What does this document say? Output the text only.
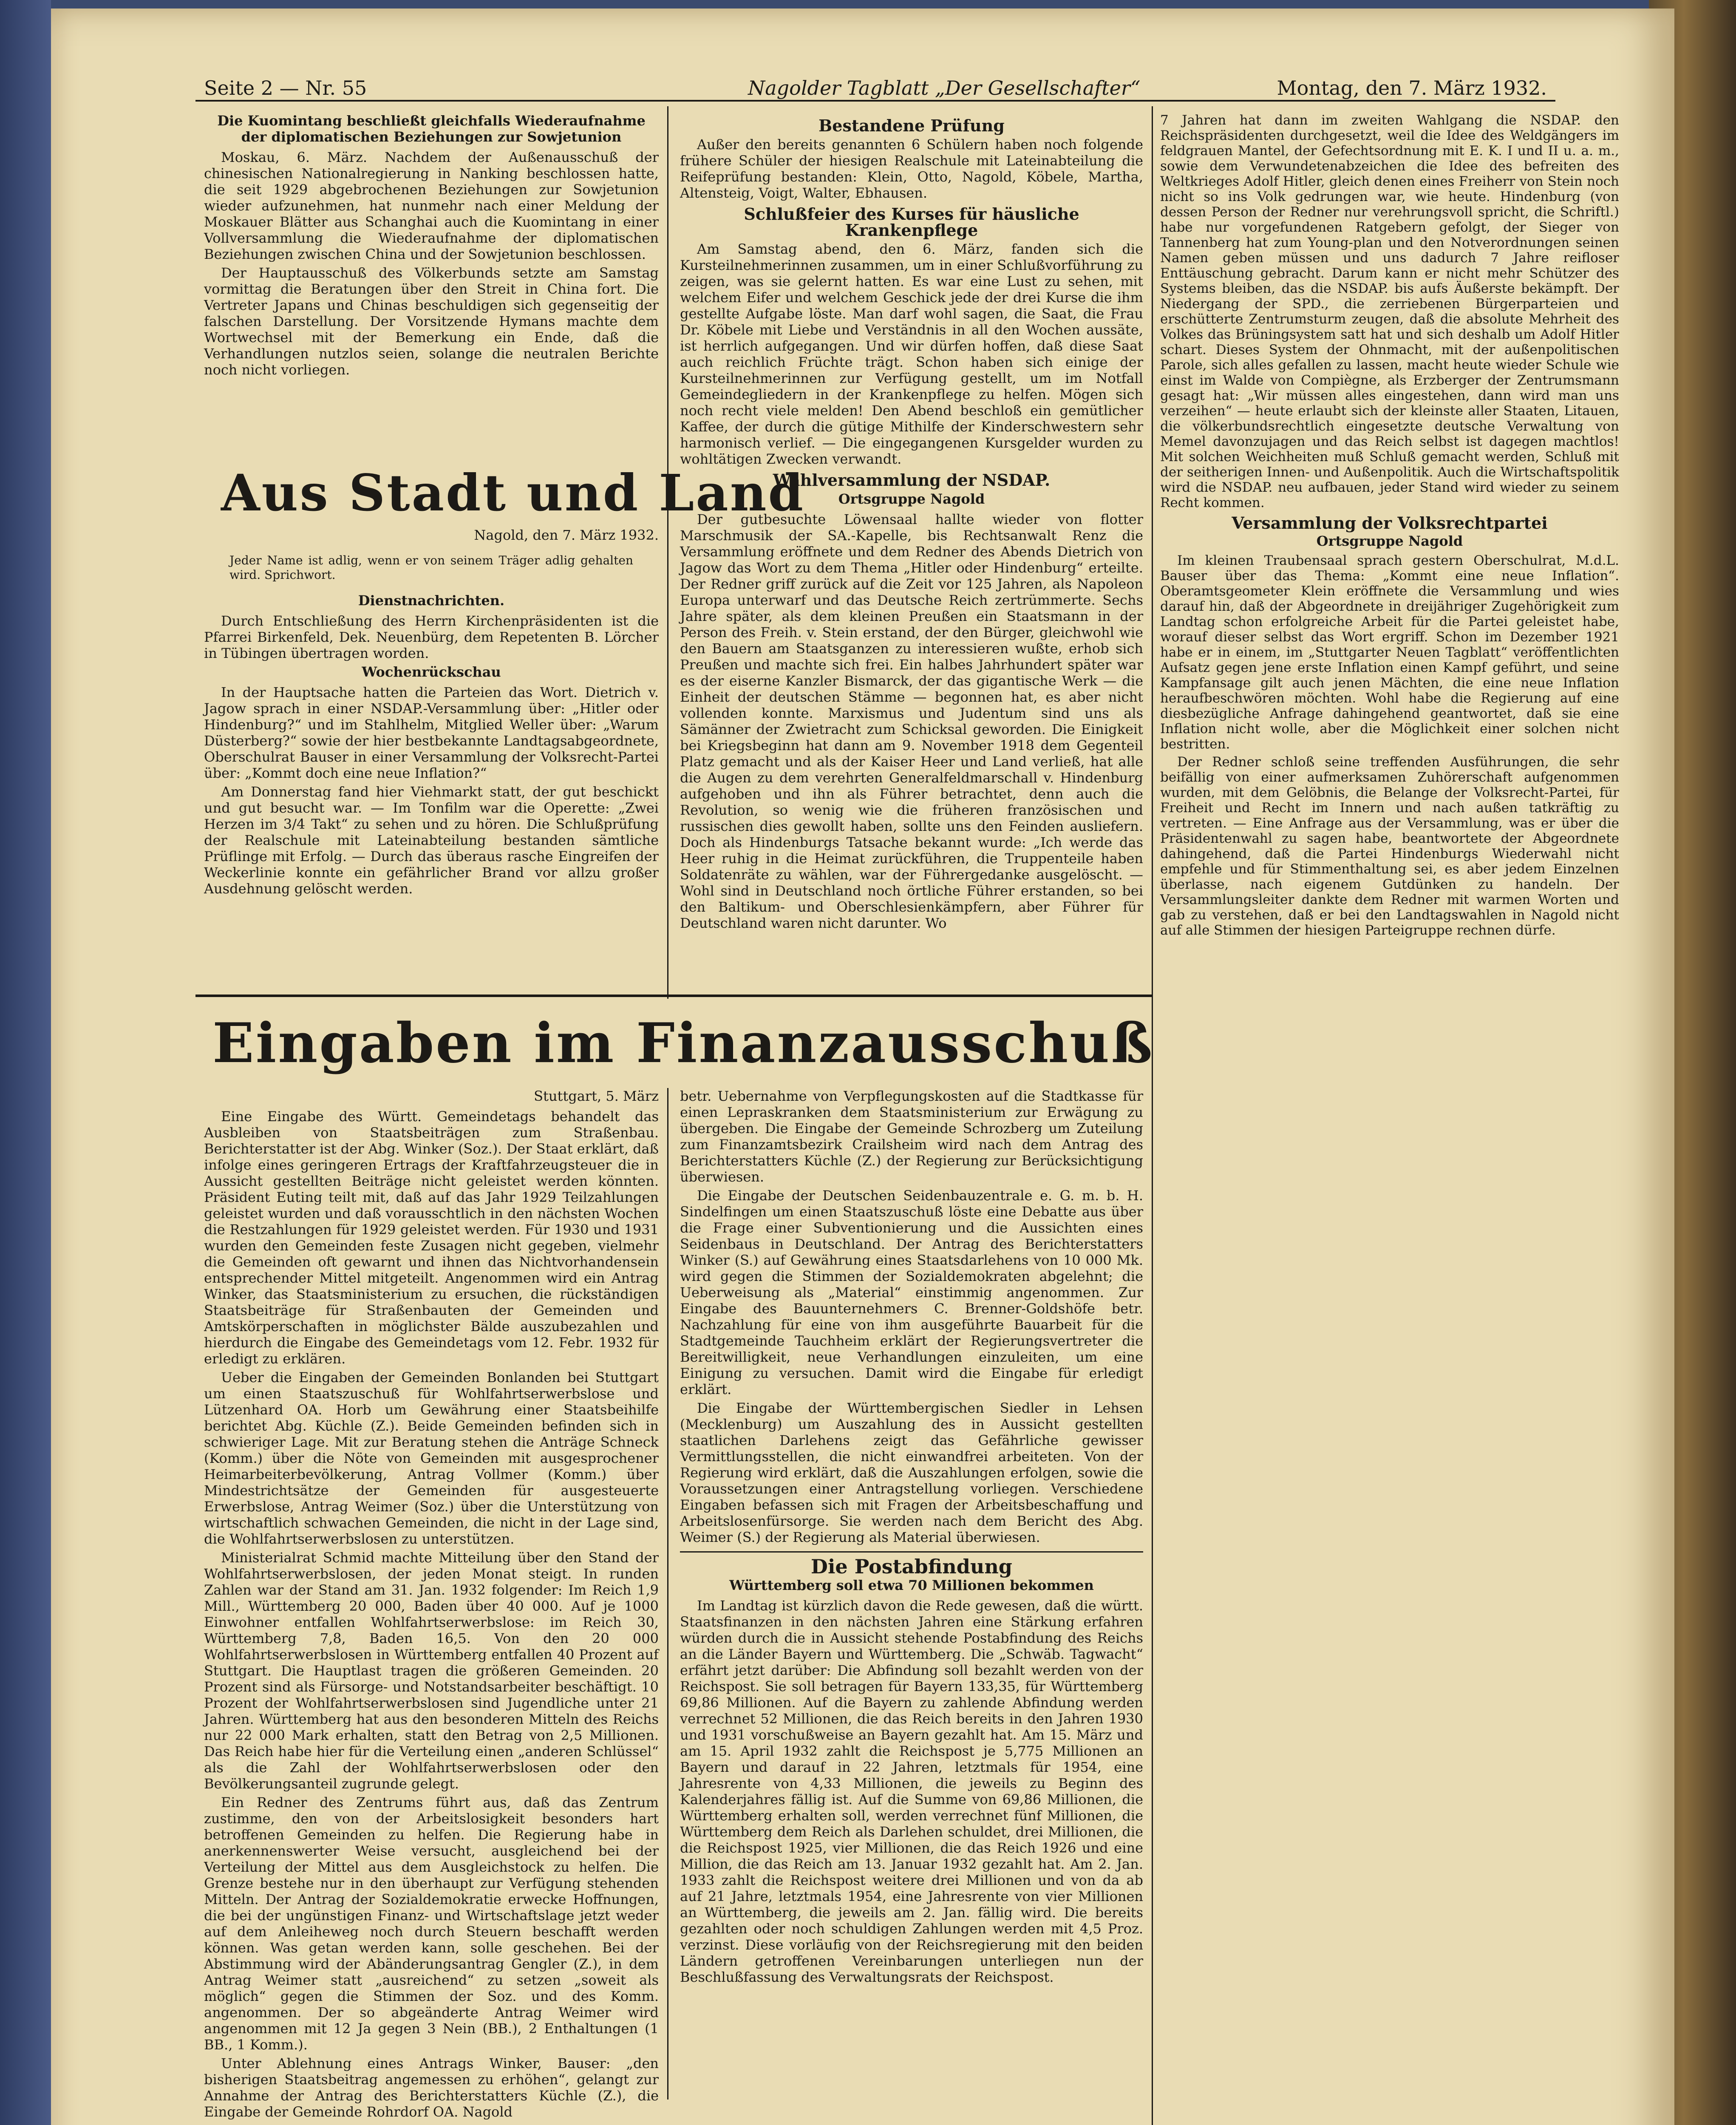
Seite 2 — Nr. 55	Nagolder Tagblatt „Der Gesellschafter“	Montag, den 7. März 1932.
Die Kuomintang beschließt gleichfalls Wiederaufnahme der diplomatischen Beziehungen zur Sowjetunion

Moskau, 6. März. Nachdem der Außenausschuß der chinesischen Nationalregierung in Nanking beschlossen hatte, die seit 1929 abgebrochenen Beziehungen zur Sowjetunion wieder aufzunehmen, hat nunmehr nach einer Meldung der Moskauer Blätter aus Schanghai auch die Kuomintang in einer Vollversammlung die Wiederaufnahme der diplomatischen Beziehungen zwischen China und der Sowjetunion beschlossen.

Der Hauptausschuß des Völkerbunds setzte am Samstag vormittag die Beratungen über den Streit in China fort. Die Vertreter Japans und Chinas beschuldigen sich gegenseitig der falschen Darstellung. Der Vorsitzende Hymans machte dem Wortwechsel mit der Bemerkung ein Ende, daß die Verhandlungen nutzlos seien, solange die neutralen Berichte noch nicht vorliegen.

Aus Stadt und Land
Nagold, den 7. März 1932.
Jeder Name ist adlig, wenn er von seinem Träger adlig gehalten wird. Sprichwort.
Dienstnachrichten.

Durch Entschließung des Herrn Kirchenpräsidenten ist die Pfarrei Birkenfeld, Dek. Neuenbürg, dem Repetenten B. Lörcher in Tübingen übertragen worden.

Wochenrückschau

In der Hauptsache hatten die Parteien das Wort. Dietrich v. Jagow sprach in einer NSDAP.-Versammlung über: „Hitler oder Hindenburg?“ und im Stahlhelm, Mitglied Weller über: „Warum Düsterberg?“ sowie der hier bestbekannte Landtagsabgeordnete, Oberschulrat Bauser in einer Versammlung der Volksrecht-Partei über: „Kommt doch eine neue Inflation?“

Am Donnerstag fand hier Viehmarkt statt, der gut beschickt und gut besucht war. — Im Tonfilm war die Operette: „Zwei Herzen im 3/4 Takt“ zu sehen und zu hören. Die Schlußprüfung der Realschule mit Lateinabteilung bestanden sämtliche Prüflinge mit Erfolg. — Durch das überaus rasche Eingreifen der Weckerlinie konnte ein gefährlicher Brand vor allzu großer Ausdehnung gelöscht werden.

Bestandene Prüfung

Außer den bereits genannten 6 Schülern haben noch folgende frühere Schüler der hiesigen Realschule mit Lateinabteilung die Reifeprüfung bestanden: Klein, Otto, Nagold, Köbele, Martha, Altensteig, Voigt, Walter, Ebhausen.

Schlußfeier des Kurses für häusliche Krankenpflege

Am Samstag abend, den 6. März, fanden sich die Kursteilnehmerinnen zusammen, um in einer Schlußvorführung zu zeigen, was sie gelernt hatten. Es war eine Lust zu sehen, mit welchem Eifer und welchem Geschick jede der drei Kurse die ihm gestellte Aufgabe löste. Man darf wohl sagen, die Saat, die Frau Dr. Köbele mit Liebe und Verständnis in all den Wochen aussäte, ist herrlich aufgegangen. Und wir dürfen hoffen, daß diese Saat auch reichlich Früchte trägt. Schon haben sich einige der Kursteilnehmerinnen zur Verfügung gestellt, um im Notfall Gemeindegliedern in der Krankenpflege zu helfen. Mögen sich noch recht viele melden! Den Abend beschloß ein gemütlicher Kaffee, der durch die gütige Mithilfe der Kinderschwestern sehr harmonisch verlief. — Die eingegangenen Kursgelder wurden zu wohltätigen Zwecken verwandt.

Wahlversammlung der NSDAP.
Ortsgruppe Nagold

Der gutbesuchte Löwensaal hallte wieder von flotter Marschmusik der SA.-Kapelle, bis Rechtsanwalt Renz die Versammlung eröffnete und dem Redner des Abends Dietrich von Jagow das Wort zu dem Thema „Hitler oder Hindenburg“ erteilte. Der Redner griff zurück auf die Zeit vor 125 Jahren, als Napoleon Europa unterwarf und das Deutsche Reich zertrümmerte. Sechs Jahre später, als dem kleinen Preußen ein Staatsmann in der Person des Freih. v. Stein erstand, der den Bürger, gleichwohl wie den Bauern am Staatsganzen zu interessieren wußte, erhob sich Preußen und machte sich frei. Ein halbes Jahrhundert später war es der eiserne Kanzler Bismarck, der das gigantische Werk — die Einheit der deutschen Stämme — begonnen hat, es aber nicht vollenden konnte. Marxismus und Judentum sind uns als Sämänner der Zwietracht zum Schicksal geworden. Die Einigkeit bei Kriegsbeginn hat dann am 9. November 1918 dem Gegenteil Platz gemacht und als der Kaiser Heer und Land verließ, hat alle die Augen zu dem verehrten Generalfeldmarschall v. Hindenburg aufgehoben und ihn als Führer betrachtet, denn auch die Revolution, so wenig wie die früheren französischen und russischen dies gewollt haben, sollte uns den Feinden ausliefern. Doch als Hindenburgs Tatsache bekannt wurde: „Ich werde das Heer ruhig in die Heimat zurückführen, die Truppenteile haben Soldatenräte zu wählen, war der Führergedanke ausgelöscht. — Wohl sind in Deutschland noch örtliche Führer erstanden, so bei den Baltikum- und Oberschlesienkämpfern, aber Führer für Deutschland waren nicht darunter. Wo

7 Jahren hat dann im zweiten Wahlgang die NSDAP. den Reichspräsidenten durchgesetzt, weil die Idee des Weldgängers im feldgrauen Mantel, der Gefechtsordnung mit E. K. I und II u. a. m., sowie dem Verwundetenabzeichen die Idee des befreiten des Weltkrieges Adolf Hitler, gleich denen eines Freiherr von Stein noch nicht so ins Volk gedrungen war, wie heute. Hindenburg (von dessen Person der Redner nur verehrungsvoll spricht, die Schriftl.) habe nur vorgefundenen Ratgebern gefolgt, der Sieger von Tannenberg hat zum Young-plan und den Notverordnungen seinen Namen geben müssen und uns dadurch 7 Jahre reifloser Enttäuschung gebracht. Darum kann er nicht mehr Schützer des Systems bleiben, das die NSDAP. bis aufs Äußerste bekämpft. Der Niedergang der SPD., die zerriebenen Bürgerparteien und erschütterte Zentrumsturm zeugen, daß die absolute Mehrheit des Volkes das Brüningsystem satt hat und sich deshalb um Adolf Hitler schart. Dieses System der Ohnmacht, mit der außenpolitischen Parole, sich alles gefallen zu lassen, macht heute wieder Schule wie einst im Walde von Compiègne, als Erzberger der Zentrumsmann gesagt hat: „Wir müssen alles eingestehen, dann wird man uns verzeihen“ — heute erlaubt sich der kleinste aller Staaten, Litauen, die völkerbundsrechtlich eingesetzte deutsche Verwaltung von Memel davonzujagen und das Reich selbst ist dagegen machtlos! Mit solchen Weichheiten muß Schluß gemacht werden, Schluß mit der seitherigen Innen- und Außenpolitik. Auch die Wirtschaftspolitik wird die NSDAP. neu aufbauen, jeder Stand wird wieder zu seinem Recht kommen.

Versammlung der Volksrechtpartei
Ortsgruppe Nagold

Im kleinen Traubensaal sprach gestern Oberschulrat, M.d.L. Bauser über das Thema: „Kommt eine neue Inflation“. Oberamtsgeometer Klein eröffnete die Versammlung und wies darauf hin, daß der Abgeordnete in dreijähriger Zugehörigkeit zum Landtag schon erfolgreiche Arbeit für die Partei geleistet habe, worauf dieser selbst das Wort ergriff. Schon im Dezember 1921 habe er in einem, im „Stuttgarter Neuen Tagblatt“ veröffentlichten Aufsatz gegen jene erste Inflation einen Kampf geführt, und seine Kampfansage gilt auch jenen Mächten, die eine neue Inflation heraufbeschwören möchten. Wohl habe die Regierung auf eine diesbezügliche Anfrage dahingehend geantwortet, daß sie eine Inflation nicht wolle, aber die Möglichkeit einer solchen nicht bestritten.

Der Redner schloß seine treffenden Ausführungen, die sehr beifällig von einer aufmerksamen Zuhörerschaft aufgenommen wurden, mit dem Gelöbnis, die Belange der Volksrecht-Partei, für Freiheit und Recht im Innern und nach außen tatkräftig zu vertreten. — Eine Anfrage aus der Versammlung, was er über die Präsidentenwahl zu sagen habe, beantwortete der Abgeordnete dahingehend, daß die Partei Hindenburgs Wiederwahl nicht empfehle und für Stimmenthaltung sei, es aber jedem Einzelnen überlasse, nach eigenem Gutdünken zu handeln. Der Versammlungsleiter dankte dem Redner mit warmen Worten und gab zu verstehen, daß er bei den Landtagswahlen in Nagold nicht auf alle Stimmen der hiesigen Parteigruppe rechnen dürfe.

Eingaben im Finanzausschuß
Stuttgart, 5. März

Eine Eingabe des Württ. Gemeindetags behandelt das Ausbleiben von Staatsbeiträgen zum Straßenbau. Berichterstatter ist der Abg. Winker (Soz.). Der Staat erklärt, daß infolge eines geringeren Ertrags der Kraftfahrzeugsteuer die in Aussicht gestellten Beiträge nicht geleistet werden könnten. Präsident Euting teilt mit, daß auf das Jahr 1929 Teilzahlungen geleistet wurden und daß vorausschtlich in den nächsten Wochen die Restzahlungen für 1929 geleistet werden. Für 1930 und 1931 wurden den Gemeinden feste Zusagen nicht gegeben, vielmehr die Gemeinden oft gewarnt und ihnen das Nichtvorhandensein entsprechender Mittel mitgeteilt. Angenommen wird ein Antrag Winker, das Staatsministerium zu ersuchen, die rückständigen Staatsbeiträge für Straßenbauten der Gemeinden und Amtskörperschaften in möglichster Bälde auszubezahlen und hierdurch die Eingabe des Gemeindetags vom 12. Febr. 1932 für erledigt zu erklären.

Ueber die Eingaben der Gemeinden Bonlanden bei Stuttgart um einen Staatszuschuß für Wohlfahrtserwerbslose und Lützenhard OA. Horb um Gewährung einer Staatsbeihilfe berichtet Abg. Küchle (Z.). Beide Gemeinden befinden sich in schwieriger Lage. Mit zur Beratung stehen die Anträge Schneck (Komm.) über die Nöte von Gemeinden mit ausgesprochener Heimarbeiterbevölkerung, Antrag Vollmer (Komm.) über Mindestrichtsätze der Gemeinden für ausgesteuerte Erwerbslose, Antrag Weimer (Soz.) über die Unterstützung von wirtschaftlich schwachen Gemeinden, die nicht in der Lage sind, die Wohlfahrtserwerbslosen zu unterstützen.

Ministerialrat Schmid machte Mitteilung über den Stand der Wohlfahrtserwerbslosen, der jeden Monat steigt. In runden Zahlen war der Stand am 31. Jan. 1932 folgender: Im Reich 1,9 Mill., Württemberg 20 000, Baden über 40 000. Auf je 1000 Einwohner entfallen Wohlfahrtserwerbslose: im Reich 30, Württemberg 7,8, Baden 16,5. Von den 20 000 Wohlfahrtserwerbslosen in Württemberg entfallen 40 Prozent auf Stuttgart. Die Hauptlast tragen die größeren Gemeinden. 20 Prozent sind als Fürsorge- und Notstandsarbeiter beschäftigt. 10 Prozent der Wohlfahrtserwerbslosen sind Jugendliche unter 21 Jahren. Württemberg hat aus den besonderen Mitteln des Reichs nur 22 000 Mark erhalten, statt den Betrag von 2,5 Millionen. Das Reich habe hier für die Verteilung einen „anderen Schlüssel“ als die Zahl der Wohlfahrtserwerbslosen oder den Bevölkerungsanteil zugrunde gelegt.

Ein Redner des Zentrums führt aus, daß das Zentrum zustimme, den von der Arbeitslosigkeit besonders hart betroffenen Gemeinden zu helfen. Die Regierung habe in anerkennenswerter Weise versucht, ausgleichend bei der Verteilung der Mittel aus dem Ausgleichstock zu helfen. Die Grenze bestehe nur in den überhaupt zur Verfügung stehenden Mitteln. Der Antrag der Sozialdemokratie erwecke Hoffnungen, die bei der ungünstigen Finanz- und Wirtschaftslage jetzt weder auf dem Anleiheweg noch durch Steuern beschafft werden können. Was getan werden kann, solle geschehen. Bei der Abstimmung wird der Abänderungsantrag Gengler (Z.), in dem Antrag Weimer statt „ausreichend“ zu setzen „soweit als möglich“ gegen die Stimmen der Soz. und des Komm. angenommen. Der so abgeänderte Antrag Weimer wird angenommen mit 12 Ja gegen 3 Nein (BB.), 2 Enthaltungen (1 BB., 1 Komm.).

Unter Ablehnung eines Antrags Winker, Bauser: „den bisherigen Staatsbeitrag angemessen zu erhöhen“, gelangt zur Annahme der Antrag des Berichterstatters Küchle (Z.), die Eingabe der Gemeinde Rohrdorf OA. Nagold

betr. Uebernahme von Verpflegungskosten auf die Stadtkasse für einen Lepraskranken dem Staatsministerium zur Erwägung zu übergeben. Die Eingabe der Gemeinde Schrozberg um Zuteilung zum Finanzamtsbezirk Crailsheim wird nach dem Antrag des Berichterstatters Küchle (Z.) der Regierung zur Berücksichtigung überwiesen.

Die Eingabe der Deutschen Seidenbauzentrale e. G. m. b. H. Sindelfingen um einen Staatszuschuß löste eine Debatte aus über die Frage einer Subventionierung und die Aussichten eines Seidenbaus in Deutschland. Der Antrag des Berichterstatters Winker (S.) auf Gewährung eines Staatsdarlehens von 10 000 Mk. wird gegen die Stimmen der Sozialdemokraten abgelehnt; die Ueberweisung als „Material“ einstimmig angenommen. Zur Eingabe des Bauunternehmers C. Brenner-Goldshöfe betr. Nachzahlung für eine von ihm ausgeführte Bauarbeit für die Stadtgemeinde Tauchheim erklärt der Regierungsvertreter die Bereitwilligkeit, neue Verhandlungen einzuleiten, um eine Einigung zu versuchen. Damit wird die Eingabe für erledigt erklärt.

Die Eingabe der Württembergischen Siedler in Lehsen (Mecklenburg) um Auszahlung des in Aussicht gestellten staatlichen Darlehens zeigt das Gefährliche gewisser Vermittlungsstellen, die nicht einwandfrei arbeiteten. Von der Regierung wird erklärt, daß die Auszahlungen erfolgen, sowie die Voraussetzungen einer Antragstellung vorliegen. Verschiedene Eingaben befassen sich mit Fragen der Arbeitsbeschaffung und Arbeitslosenfürsorge. Sie werden nach dem Bericht des Abg. Weimer (S.) der Regierung als Material überwiesen.

Die Postabfindung
Württemberg soll etwa 70 Millionen bekommen

Im Landtag ist kürzlich davon die Rede gewesen, daß die württ. Staatsfinanzen in den nächsten Jahren eine Stärkung erfahren würden durch die in Aussicht stehende Postabfindung des Reichs an die Länder Bayern und Württemberg. Die „Schwäb. Tagwacht“ erfährt jetzt darüber: Die Abfindung soll bezahlt werden von der Reichspost. Sie soll betragen für Bayern 133,35, für Württemberg 69,86 Millionen. Auf die Bayern zu zahlende Abfindung werden verrechnet 52 Millionen, die das Reich bereits in den Jahren 1930 und 1931 vorschußweise an Bayern gezahlt hat. Am 15. März und am 15. April 1932 zahlt die Reichspost je 5,775 Millionen an Bayern und darauf in 22 Jahren, letztmals für 1954, eine Jahresrente von 4,33 Millionen, die jeweils zu Beginn des Kalenderjahres fällig ist. Auf die Summe von 69,86 Millionen, die Württemberg erhalten soll, werden verrechnet fünf Millionen, die Württemberg dem Reich als Darlehen schuldet, drei Millionen, die die Reichspost 1925, vier Millionen, die das Reich 1926 und eine Million, die das Reich am 13. Januar 1932 gezahlt hat. Am 2. Jan. 1933 zahlt die Reichspost weitere drei Millionen und von da ab auf 21 Jahre, letztmals 1954, eine Jahresrente von vier Millionen an Württemberg, die jeweils am 2. Jan. fällig wird. Die bereits gezahlten oder noch schuldigen Zahlungen werden mit 4,5 Proz. verzinst. Diese vorläufig von der Reichsregierung mit den beiden Ländern getroffenen Vereinbarungen unterliegen nun der Beschlußfassung des Verwaltungsrats der Reichspost.
